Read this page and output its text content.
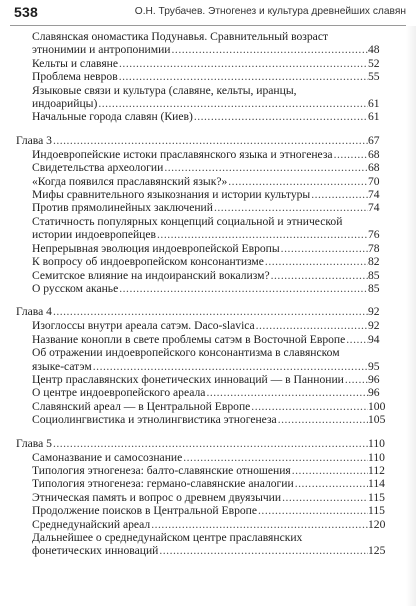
538	О.Н. Трубачев. Этногенез и культура древнейших славян
Славянская ономастика Подунавья. Сравнительный возраст
этнонимии и антропонимии .....	48
Кельты и славяне .....	52
Проблема невров .....	55
Языковые связи и культура (славяне, кельты, иранцы,
индоарийцы) .....	61
Начальные города славян (Киев) .....	61
Глава 3 .....	67
Индоевропейские истоки праславянского языка и этногенеза .....	68
Свидетельства археологии .....	68
«Когда появился праславянский язык?» .....	70
Мифы сравнительного языкознания и истории культуры .....	74
Против прямолинейных заключений .....	74
Статичность популярных концепций социальной и этнической
истории индоевропейцев .....	76
Непрерывная эволюция индоевропейской Европы .....	78
К вопросу об индоевропейском консонантизме .....	82
Семитское влияние на индоиранский вокализм? .....	85
О русском аканье .....	85
Глава 4 .....	92
Изоглоссы внутри ареала сатэм. Daco-slavica .....	92
Название конопли в свете проблемы сатэм в Восточной Европе ..... 94
Об отражении индоевропейского консонантизма в славянском
языке-сатэм .....	95
Центр праславянских фонетических инноваций — в Паннонии ..... 96
О центре индоевропейского ареала .....	96
Славянский ареал — в Центральной Европе .....	100
Социолингвистика и этнолингвистика этногенеза .....	105
Глава 5 .....	110
Самоназвание и самосознание .....	110
Типология этногенеза: балто-славянские отношения .....	112
Типология этногенеза: германо-славянские аналогии .....	114
Этническая память и вопрос о древнем двуязычии .....	115
Продолжение поисков в Центральной Европе .....	115
Среднедунайский ареал .....	120
Дальнейшее о среднедунайском центре праславянских
фонетических инноваций .....	125
